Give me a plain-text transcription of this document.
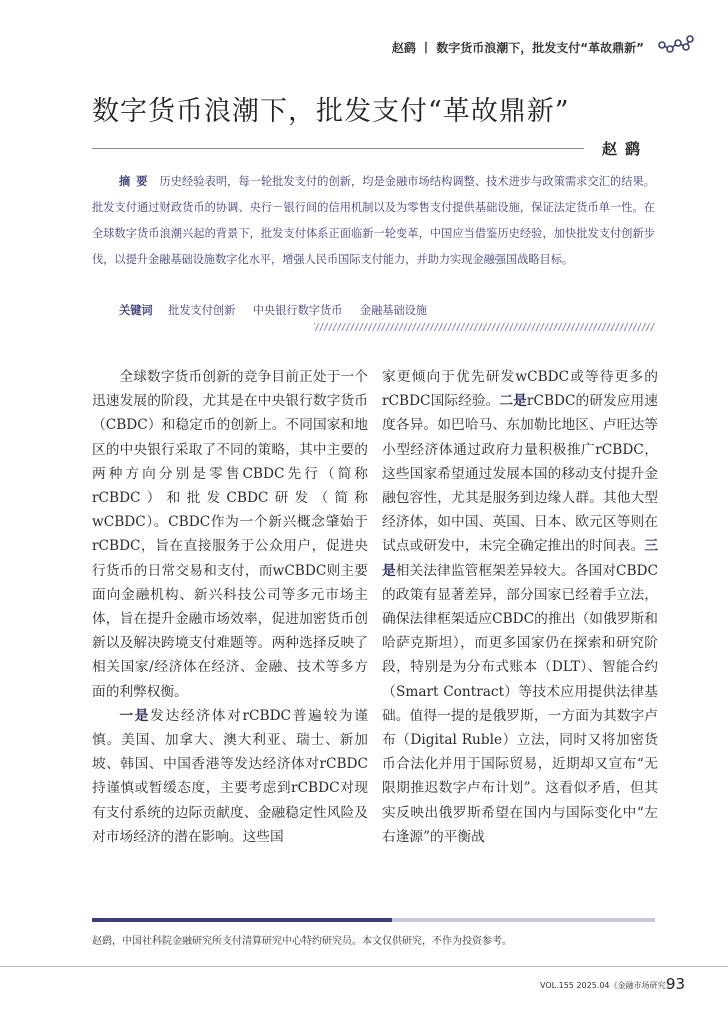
赵鹞 丨 数字货币浪潮下，批发支付“革故鼎新”
数字货币浪潮下，批发支付“革故鼎新”
赵鹞
摘要 历史经验表明，每一轮批发支付的创新，均是金融市场结构调整、技术进步与政策需求交汇的结果。批发支付通过财政货币的协调、央行－银行间的信用机制以及为零售支付提供基础设施，保证法定货币单一性。在全球数字货币浪潮兴起的背景下，批发支付体系正面临新一轮变革，中国应当借鉴历史经验，加快批发支付创新步伐，以提升金融基础设施数字化水平，增强人民币国际支付能力，并助力实现金融强国战略目标。
关键词 批发支付创新 中央银行数字货币 金融基础设施

全球数字货币创新的竞争目前正处于一个迅速发展的阶段，尤其是在中央银行数字货币（CBDC）和稳定币的创新上。不同国家和地区的中央银行采取了不同的策略，其中主要的两种方向分别是零售CBDC先行（简称rCBDC）和批发CBDC研发（简称wCBDC）。CBDC作为一个新兴概念肇始于rCBDC，旨在直接服务于公众用户，促进央行货币的日常交易和支付，而wCBDC则主要面向金融机构、新兴科技公司等多元市场主体，旨在提升金融市场效率，促进加密货币创新以及解决跨境支付难题等。两种选择反映了相关国家/经济体在经济、金融、技术等多方面的利弊权衡。

一是发达经济体对rCBDC普遍较为谨慎。美国、加拿大、澳大利亚、瑞士、新加坡、韩国、中国香港等发达经济体对rCBDC持谨慎或暂缓态度，主要考虑到rCBDC对现有支付系统的边际贡献度、金融稳定性风险及对市场经济的潜在影响。这些国

家更倾向于优先研发wCBDC或等待更多的rCBDC国际经验。二是rCBDC的研发应用速度各异。如巴哈马、东加勒比地区、卢旺达等小型经济体通过政府力量积极推广rCBDC，这些国家希望通过发展本国的移动支付提升金融包容性，尤其是服务到边缘人群。其他大型经济体，如中国、英国、日本、欧元区等则在试点或研发中，未完全确定推出的时间表。三是相关法律监管框架差异较大。各国对CBDC的政策有显著差异，部分国家已经着手立法，确保法律框架适应CBDC的推出（如俄罗斯和哈萨克斯坦），而更多国家仍在探索和研究阶段，特别是为分布式账本（DLT）、智能合约（Smart Contract）等技术应用提供法律基础。值得一提的是俄罗斯，一方面为其数字卢布（Digital Ruble）立法，同时又将加密货币合法化并用于国际贸易，近期却又宣布“无限期推迟数字卢布计划”。这看似矛盾，但其实反映出俄罗斯希望在国内与国际变化中“左右逢源”的平衡战

赵鹞，中国社科院金融研究所支付清算研究中心特约研究员。本文仅供研究，不作为投资参考。
VOL.155 2025.04《金融市场研究》
93
